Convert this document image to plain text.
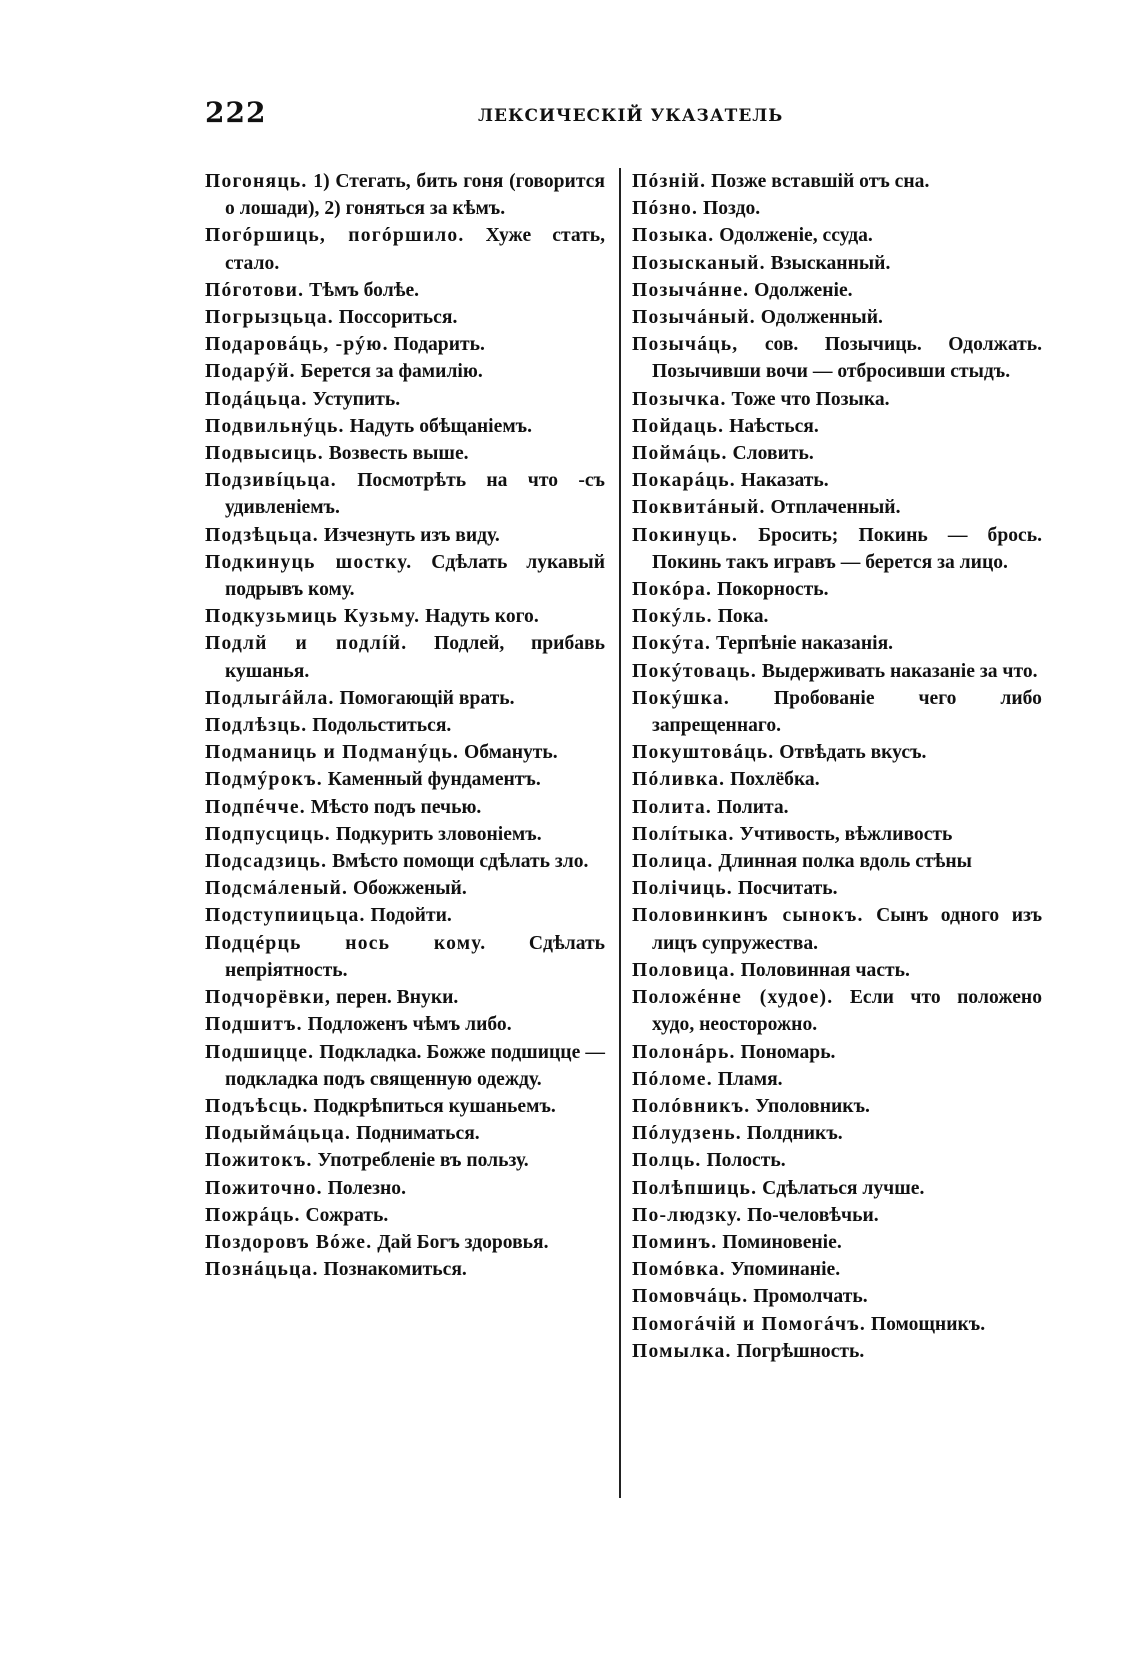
222	ЛЕКСИЧЕСКІЙ УКАЗАТЕЛЬ

Погоняць. 1) Стегать, бить гоня (говорится о лошади), 2) гоняться за кѣмъ.

Погóршиць, погóршило. Хуже стать, стало.

Пóготови. Тѣмъ болѣе.

Погрызцьца. Поссориться.

Подаровáць, -рýю. Подарить.

Подарýй. Берется за фамилію.

Подáцьца. Уступить.

Подвильнýць. Надуть обѣщаніемъ.

Подвысиць. Возвесть выше.

Подзивíцьца. Посмотрѣть на что -съ удивленіемъ.

Подзѣцьца. Изчезнуть изъ виду.

Подкинуць шостку. Сдѣлать лукавый подрывъ кому.

Подкузьмиць Кузьму. Надуть кого.

Подлй и подлíй. Подлей, прибавь кушанья.

Подлыгáйла. Помогающій врать.

Подлѣзць. Подольститься.

Подманиць и Подманýць. Обмануть.

Подмýрокъ. Каменный фундаментъ.

Подпéчче. Мѣсто подъ печью.

Подпусциць. Подкурить зловоніемъ.

Подсадзиць. Вмѣсто помощи сдѣлать зло.

Подсмáленый. Обожженый.

Подступиицьца. Подойти.

Подцéрць нось кому. Сдѣлать непріятность.

Подчорёвки, перен. Внуки.

Подшитъ. Подложенъ чѣмъ либо.

Подшицце. Подкладка. Божже подшицце — подкладка подъ священную одежду.

Подъѣсць. Подкрѣпиться кушаньемъ.

Подыймáцьца. Подниматься.

Пожитокъ. Употребленіе въ пользу.

Пожиточно. Полезно.

Пожрáць. Сожрать.

Поздоровъ Вóже. Дай Богъ здоровья.

Познáцьца. Познакомиться.

Пóзній. Позже вставшій отъ сна.

Пóзно. Поздо.

Позыка. Одолженіе, ссуда.

Позысканый. Взысканный.

Позычáнне. Одолженіе.

Позычáный. Одолженный.

Позычáць, сов. Позычиць. Одолжать. Позычивши вочи — отбросивши стыдъ.

Позычка. Тоже что Позыка.

Пойдаць. Наѣсться.

Поймáць. Словить.

Покарáць. Наказать.

Поквитáный. Отплаченный.

Покинуць. Бросить; Покинь — брось. Покинь такъ игравъ — берется за лицо.

Покóра. Покорность.

Покýль. Пока.

Покýта. Терпѣніе наказанія.

Покýтоваць. Выдерживать наказаніе за что.

Покýшка. Пробованіе чего либо запрещеннаго.

Покуштовáць. Отвѣдать вкусъ.

Пóливка. Похлёбка.

Полита. Полита.

Полíтыка. Учтивость, вѣжливость

Полица. Длинная полка вдоль стѣны

Полічиць. Посчитать.

Половинкинъ сынокъ. Сынъ одного изъ лицъ супружества.

Половица. Половинная часть.

Положéнне (худое). Если что положено худо, неосторожно.

Полонáрь. Пономарь.

Пóломе. Пламя.

Полóвникъ. Уполовникъ.

Пóлудзень. Полдникъ.

Полць. Полость.

Полѣпшиць. Сдѣлаться лучше.

По-людзку. По-человѣчьи.

Поминъ. Поминовеніе.

Помóвка. Упоминаніе.

Помовчáць. Промолчать.

Помогáчій и Помогáчъ. Помощникъ.

Помылка. Погрѣшность.
